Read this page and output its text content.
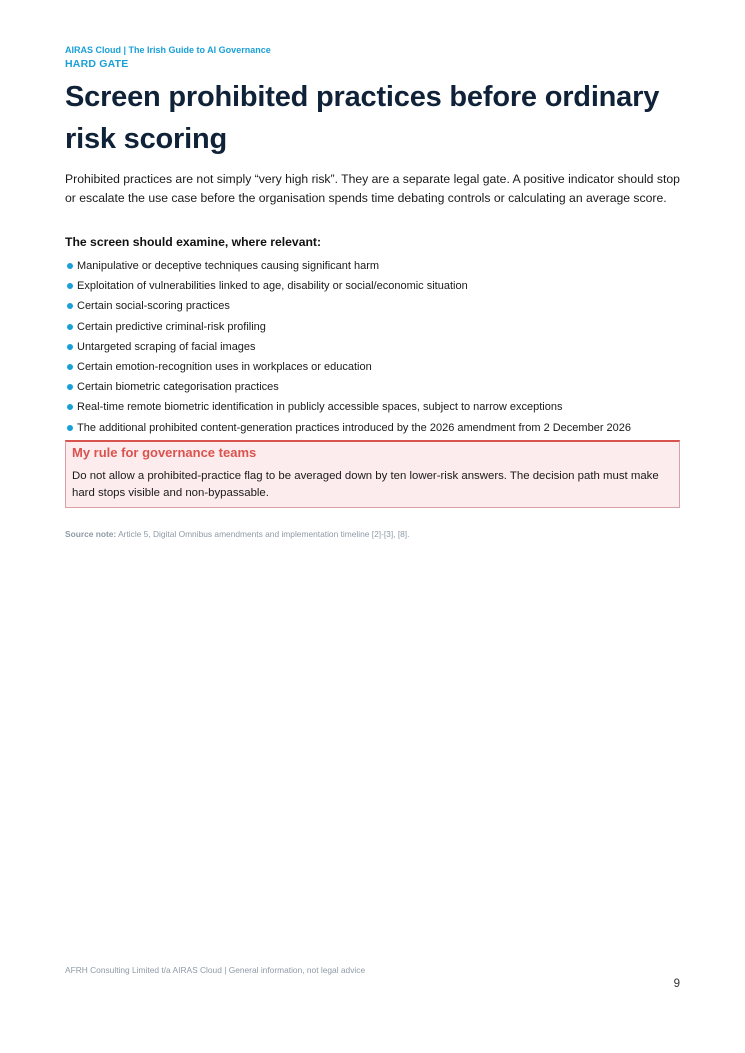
AIRAS Cloud | The Irish Guide to AI Governance
HARD GATE
Screen prohibited practices before ordinary risk scoring

Prohibited practices are not simply “very high risk”. They are a separate legal gate. A positive indicator should stop or escalate the use case before the organisation spends time debating controls or calculating an average score.

The screen should examine, where relevant:

Manipulative or deceptive techniques causing significant harm
Exploitation of vulnerabilities linked to age, disability or social/economic situation
Certain social-scoring practices
Certain predictive criminal-risk profiling
Untargeted scraping of facial images
Certain emotion-recognition uses in workplaces or education
Certain biometric categorisation practices
Real-time remote biometric identification in publicly accessible spaces, subject to narrow exceptions
The additional prohibited content-generation practices introduced by the 2026 amendment from 2 December 2026

My rule for governance teams

Do not allow a prohibited-practice flag to be averaged down by ten lower-risk answers. The decision path must make hard stops visible and non-bypassable.

Source note: Article 5, Digital Omnibus amendments and implementation timeline [2]-[3], [8].
AFRH Consulting Limited t/a AIRAS Cloud | General information, not legal advice
9
